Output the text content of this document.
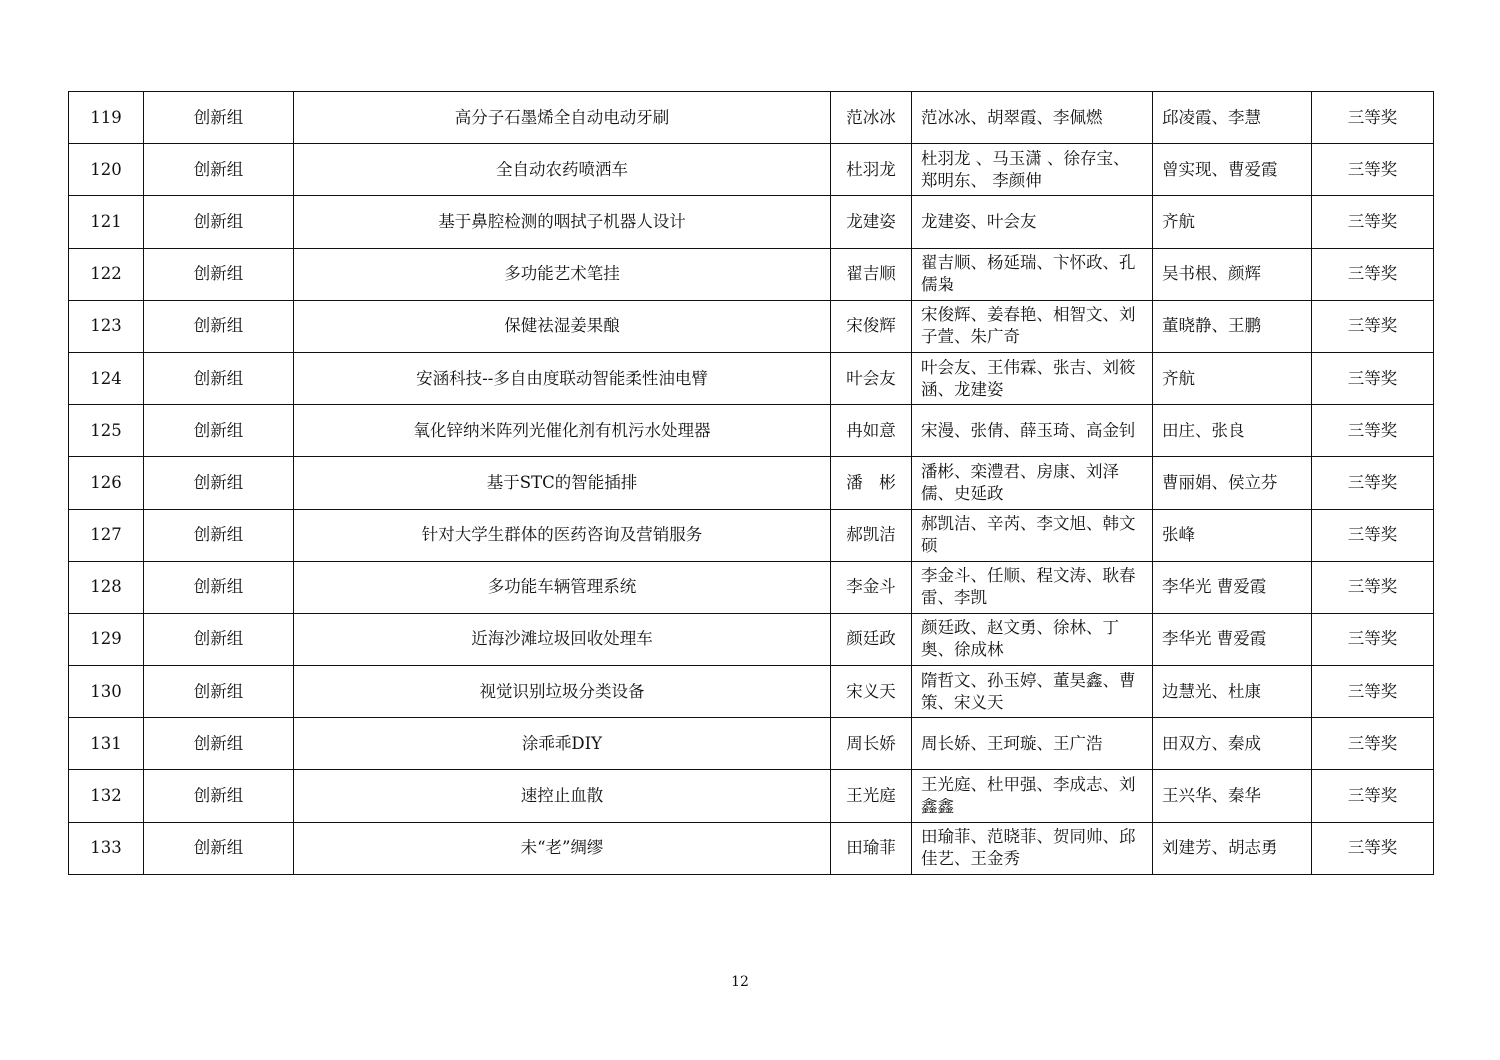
119	创新组	高分子石墨烯全自动电动牙刷	范冰冰	范冰冰、胡翠霞、李佩燃	邱凌霞、李慧	三等奖
120	创新组	全自动农药喷洒车	杜羽龙	杜羽龙 、马玉潇 、徐存宝、 郑明东、 李颜伸	曾实现、曹爱霞	三等奖
121	创新组	基于鼻腔检测的咽拭子机器人设计	龙建姿	龙建姿、叶会友	齐航	三等奖
122	创新组	多功能艺术笔挂	翟吉顺	翟吉顺、杨延瑞、卞怀政、孔儒枭	吴书根、颜辉	三等奖
123	创新组	保健祛湿姜果酿	宋俊辉	宋俊辉、姜春艳、相智文、刘子萱、朱广奇	董晓静、王鹏	三等奖
124	创新组	安涵科技--多自由度联动智能柔性油电臂	叶会友	叶会友、王伟霖、张吉、刘筱涵、龙建姿	齐航	三等奖
125	创新组	氧化锌纳米阵列光催化剂有机污水处理器	冉如意	宋漫、张倩、薛玉琦、高金钊	田庄、张良	三等奖
126	创新组	基于STC的智能插排	潘　彬	潘彬、栾澧君、房康、刘泽儒、史延政	曹丽娟、侯立芬	三等奖
127	创新组	针对大学生群体的医药咨询及营销服务	郝凯洁	郝凯洁、辛芮、李文旭、韩文硕	张峰	三等奖
128	创新组	多功能车辆管理系统	李金斗	李金斗、任顺、程文涛、耿春雷、李凯	李华光 曹爱霞	三等奖
129	创新组	近海沙滩垃圾回收处理车	颜廷政	颜廷政、赵文勇、徐林、丁奥、徐成林	李华光 曹爱霞	三等奖
130	创新组	视觉识别垃圾分类设备	宋义天	隋哲文、孙玉婷、董昊鑫、曹策、宋义天	边慧光、杜康	三等奖
131	创新组	涂乖乖DIY	周长娇	周长娇、王珂璇、王广浩	田双方、秦成	三等奖
132	创新组	速控止血散	王光庭	王光庭、杜甲强、李成志、刘鑫鑫	王兴华、秦华	三等奖
133	创新组	未“老”绸缪	田瑜菲	田瑜菲、范晓菲、贺同帅、邱佳艺、王金秀	刘建芳、胡志勇	三等奖
12
